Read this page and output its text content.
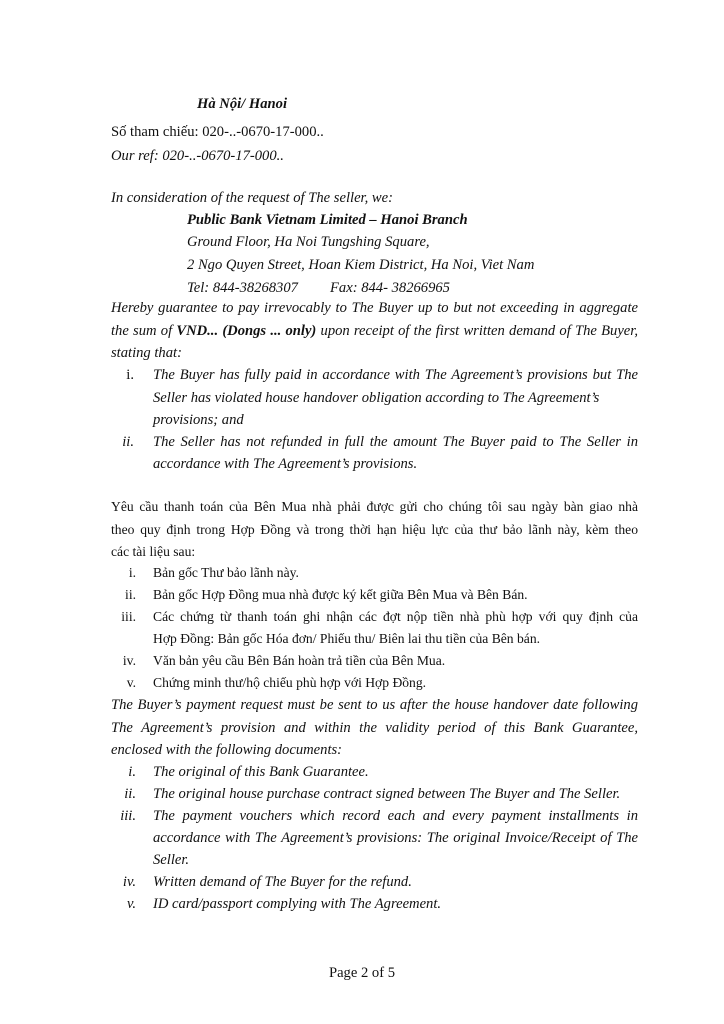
Hà Nội/ Hanoi
Số tham chiếu: 020-..-0670-17-000..
Our ref: 020-..-0670-17-000..
In consideration of the request of The seller, we:
Public Bank Vietnam Limited – Hanoi Branch
Ground Floor, Ha Noi Tungshing Square,
2 Ngo Quyen Street, Hoan Kiem District, Ha Noi, Viet Nam
Tel: 844-38268307 Fax: 844- 38266965
Hereby guarantee to pay irrevocably to The Buyer up to but not exceeding in aggregate
the sum of VND... (Dongs ... only) upon receipt of the first written demand of The Buyer,
stating that:
i. The Buyer has fully paid in accordance with The Agreement’s provisions but The
Seller has violated house handover obligation according to The Agreement’s
provisions; and
ii. The Seller has not refunded in full the amount The Buyer paid to The Seller in
accordance with The Agreement’s provisions.
Yêu cầu thanh toán của Bên Mua nhà phải được gửi cho chúng tôi sau ngày bàn giao nhà
theo quy định trong Hợp Đồng và trong thời hạn hiệu lực của thư bảo lãnh này, kèm theo
các tài liệu sau:
i. Bản gốc Thư bảo lãnh này.
ii. Bản gốc Hợp Đồng mua nhà được ký kết giữa Bên Mua và Bên Bán.
iii. Các chứng từ thanh toán ghi nhận các đợt nộp tiền nhà phù hợp với quy định của
Hợp Đồng: Bản gốc Hóa đơn/ Phiếu thu/ Biên lai thu tiền của Bên bán.
iv. Văn bản yêu cầu Bên Bán hoàn trả tiền của Bên Mua.
v. Chứng minh thư/hộ chiếu phù hợp với Hợp Đồng.
The Buyer’s payment request must be sent to us after the house handover date following
The Agreement’s provision and within the validity period of this Bank Guarantee,
enclosed with the following documents:
i. The original of this Bank Guarantee.
ii. The original house purchase contract signed between The Buyer and The Seller.
iii. The payment vouchers which record each and every payment installments in
accordance with The Agreement’s provisions: The original Invoice/Receipt of The
Seller.
iv. Written demand of The Buyer for the refund.
v. ID card/passport complying with The Agreement.
Page 2 of 5
